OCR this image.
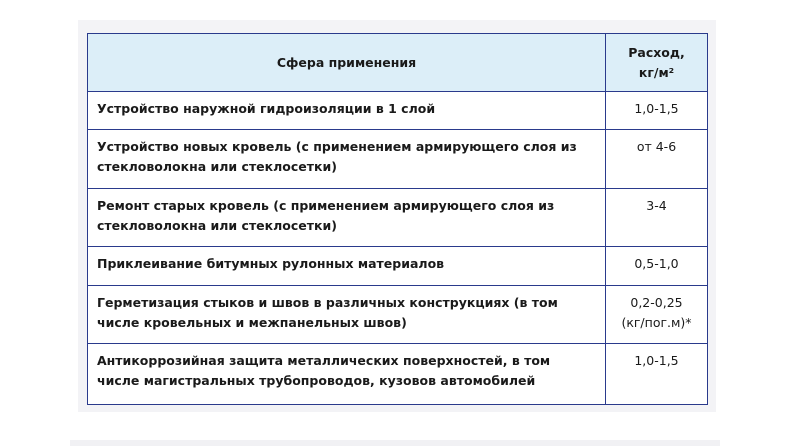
Сфера применения	Расход,
кг/м²
Устройство наружной гидроизоляции в 1 слой	1,0-1,5
Устройство новых кровель (с применением армирующего слоя из стекловолокна или стеклосетки)	от 4-6
Ремонт старых кровель (с применением армирующего слоя из стекловолокна или стеклосетки)	3-4
Приклеивание битумных рулонных материалов	0,5-1,0
Герметизация стыков и швов в различных конструкциях (в том числе кровельных и межпанельных швов)	0,2-0,25
(кг/пог.м)*
Антикоррозийная защита металлических поверхностей, в том числе магистральных трубопроводов, кузовов автомобилей	1,0-1,5
